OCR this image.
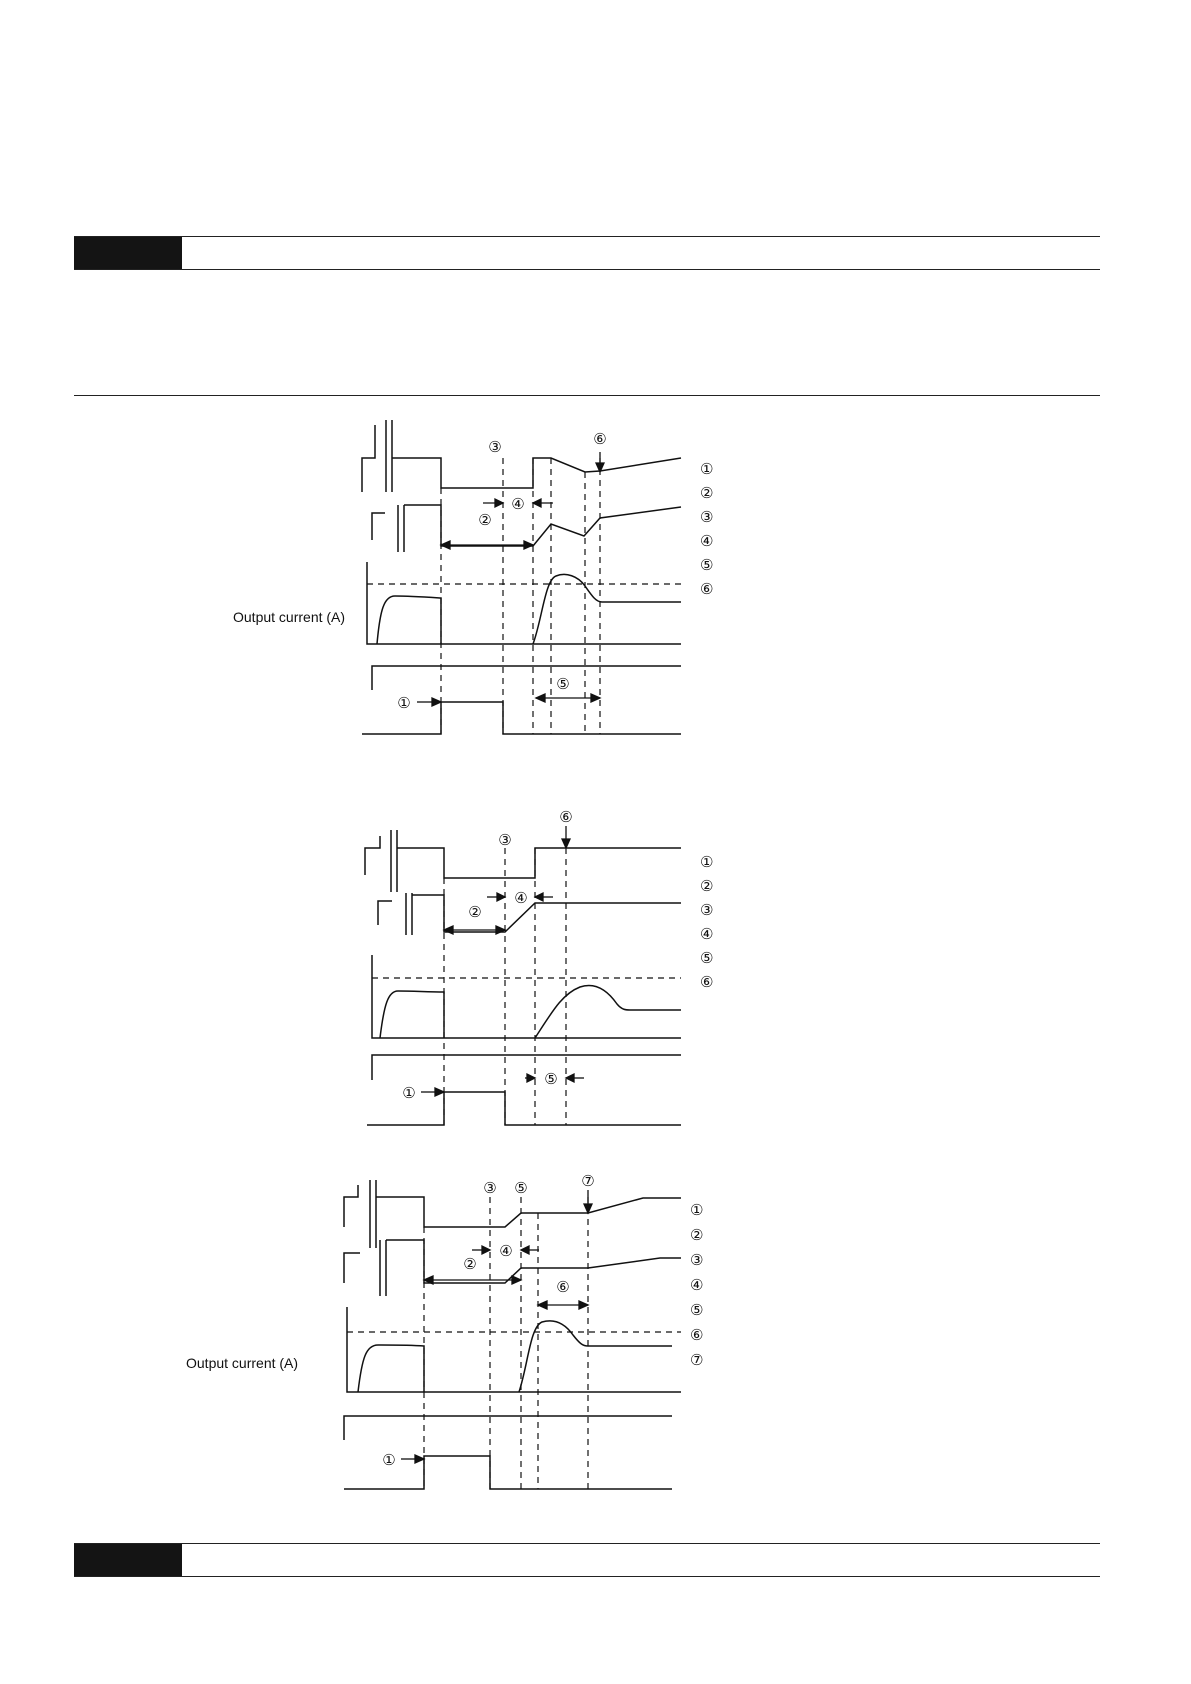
Output current (A)
③
④
②
⑤
⑥
①
①
②
③
④
⑤
⑥
③
④
②
⑤
⑥
①
①
②
③
④
⑤
⑥
Output current (A)
③ ⑤
④
②
⑥
⑦
①
①
②
③
④
⑤
⑥
⑦
